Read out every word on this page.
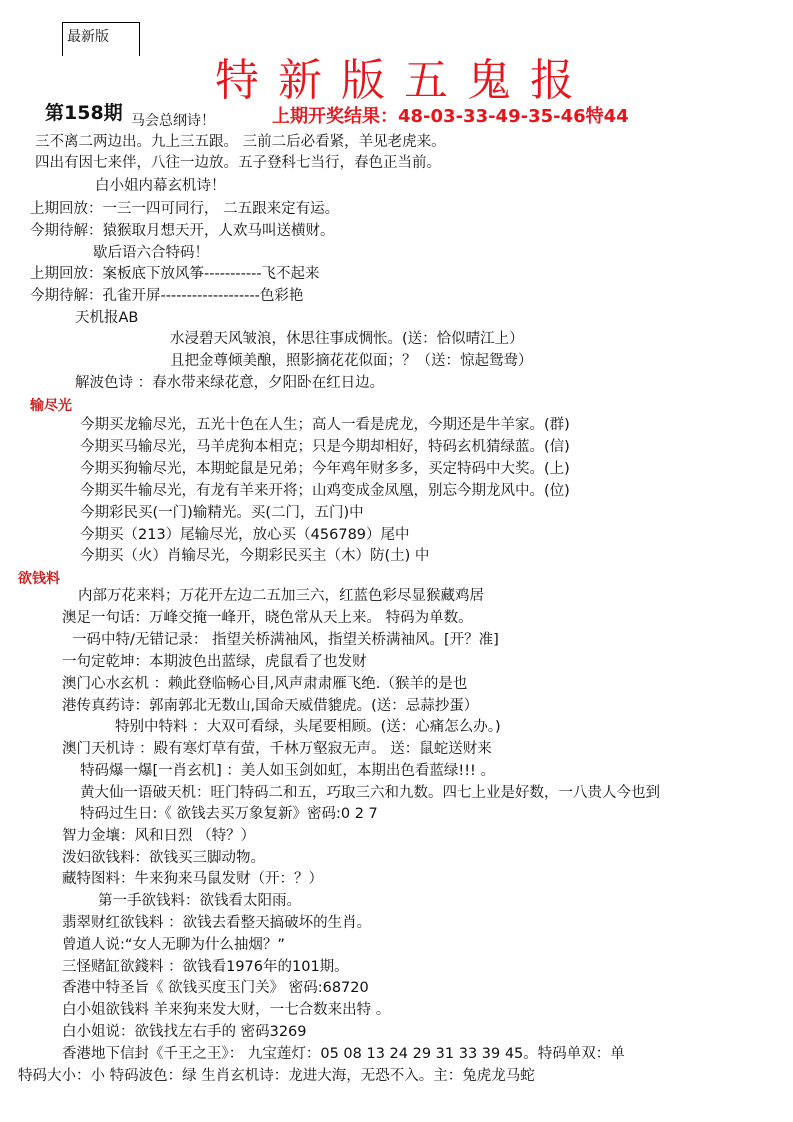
最新版
特新版五鬼报
第158期 马会总纲诗！	上期开奖结果：48-03-33-49-35-46特44
三不离二两边出。九上三五跟。 三前二后必看紧，羊见老虎来。
四出有因七来伴，八往一边放。五子登科七当行，春色正当前。
白小姐内幕玄机诗！
上期回放：一三一四可同行， 二五跟来定有运。
今期待解：猿猴取月想天开，人欢马叫送横财。
歇后语六合特码！
上期回放：案板底下放风筝-----------飞不起来
今期待解：孔雀开屏-------------------色彩艳
天机报AB
水浸碧天风皱浪，休思往事成惆怅。(送：恰似晴江上）
且把金尊倾美酿，照影摘花花似面；？（送：惊起鸳鸯）
解波色诗 ：春水带来绿花意，夕阳卧在红日边。
输尽光
今期买龙输尽光，五光十色在人生；高人一看是虎龙，今期还是牛羊家。(群)
今期买马输尽光，马羊虎狗本相克；只是今期却相好，特码玄机猜绿蓝。(信)
今期买狗输尽光，本期蛇鼠是兄弟；今年鸡年财多多，买定特码中大奖。(上)
今期买牛输尽光，有龙有羊来开将；山鸡变成金凤凰，别忘今期龙风中。(位)
今期彩民买(一门)输精光。买(二门，五门)中
今期买（213）尾输尽光，放心买（456789）尾中
今期买（火）肖输尽光，今期彩民买主（木）防(土) 中
欲钱料
内部万花来料；万花开左边二五加三六，红蓝色彩尽显猴藏鸡居
澳足一句话：万峰交掩一峰开，晓色常从天上来。 特码为单数。
一码中特/无错记录： 指望关桥满袖风，指望关桥满袖风。[开？准]
一句定乾坤：本期波色出蓝绿，虎鼠看了也发财
澳门心水玄机 ：赖此登临畅心目,风声肃肃雁飞绝.（猴羊的是也
港传真药诗：郭南郭北无数山,国命天威借貔虎。(送：忌蒜抄蛋）
特别中特料 ：大双可看绿，头尾要相顾。(送：心痛怎么办。)
澳门天机诗 ：殿有寒灯草有萤，千林万壑寂无声。 送：鼠蛇送财来
特码爆一爆[一肖玄机] ：美人如玉剑如虹，本期出色看蓝绿!!! 。
黄大仙一语破天机：旺门特码二和五，巧取三六和九数。四七上业是好数，一八贵人今也到
特码过生日:《 欲钱去买万象复新》密码:0 2 7
智力金壤：风和日烈 （特？）
泼妇欲钱料：欲钱买三脚动物。
藏特图料：牛来狗来马鼠发财（开：？）
第一手欲钱料：欲钱看太阳雨。
翡翠财红欲钱料 ：欲钱去看整天搞破坏的生肖。
曾道人说:“女人无聊为什么抽烟？”
三怪赌缸欲錢料 ：欲钱看1976年的101期。
香港中特圣旨《 欲钱买度玉门关》 密码:68720
白小姐欲钱料 羊来狗来发大财，一七合数来出特 。
白小姐说：欲钱找左右手的 密码3269
香港地下信封《千王之王》： 九宝莲灯：05 08 13 24 29 31 33 39 45。特码单双：单
特码大小：小 特码波色：绿 生肖玄机诗：龙进大海，无恐不入。主：兔虎龙马蛇
